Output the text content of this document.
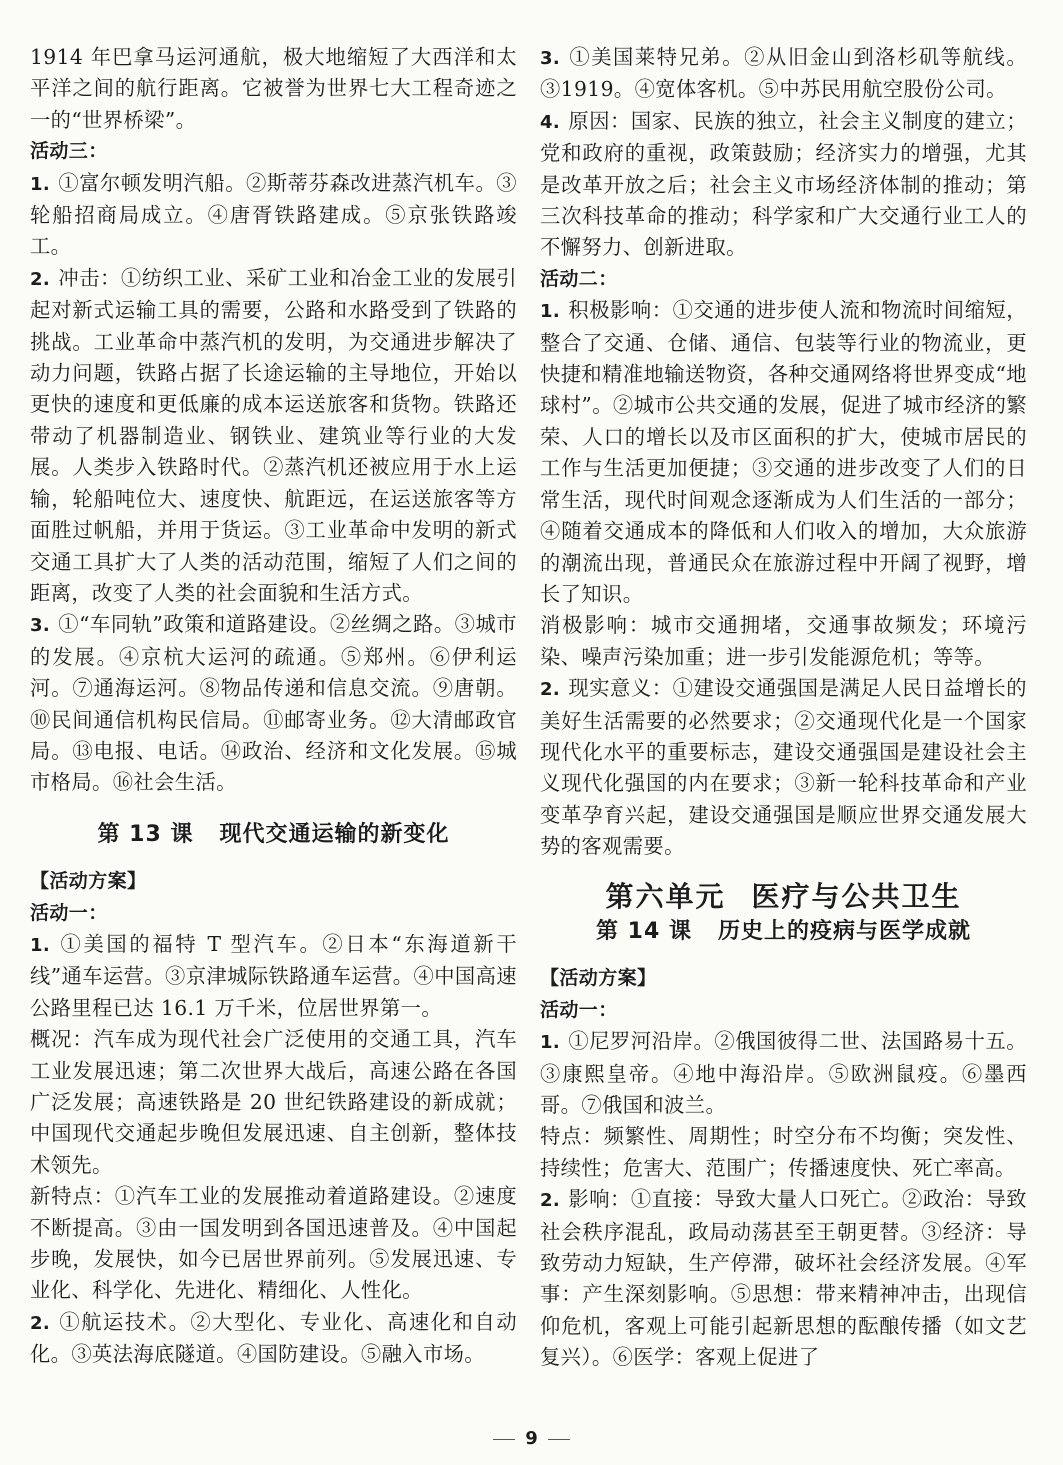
1914 年巴拿马运河通航，极大地缩短了大西洋和太平洋之间的航行距离。它被誉为世界七大工程奇迹之一的“世界桥梁”。

活动三：

1. ①富尔顿发明汽船。②斯蒂芬森改进蒸汽机车。③轮船招商局成立。④唐胥铁路建成。⑤京张铁路竣工。

2. 冲击：①纺织工业、采矿工业和冶金工业的发展引起对新式运输工具的需要，公路和水路受到了铁路的挑战。工业革命中蒸汽机的发明，为交通进步解决了动力问题，铁路占据了长途运输的主导地位，开始以更快的速度和更低廉的成本运送旅客和货物。铁路还带动了机器制造业、钢铁业、建筑业等行业的大发展。人类步入铁路时代。②蒸汽机还被应用于水上运输，轮船吨位大、速度快、航距远，在运送旅客等方面胜过帆船，并用于货运。③工业革命中发明的新式交通工具扩大了人类的活动范围，缩短了人们之间的距离，改变了人类的社会面貌和生活方式。

3. ①“车同轨”政策和道路建设。②丝绸之路。③城市的发展。④京杭大运河的疏通。⑤郑州。⑥伊利运河。⑦通海运河。⑧物品传递和信息交流。⑨唐朝。⑩民间通信机构民信局。⑪邮寄业务。⑫大清邮政官局。⑬电报、电话。⑭政治、经济和文化发展。⑮城市格局。⑯社会生活。

第 13 课 现代交通运输的新变化
【活动方案】
活动一：

1. ①美国的福特 T 型汽车。②日本“东海道新干线”通车运营。③京津城际铁路通车运营。④中国高速公路里程已达 16.1 万千米，位居世界第一。

概况：汽车成为现代社会广泛使用的交通工具，汽车工业发展迅速；第二次世界大战后，高速公路在各国广泛发展；高速铁路是 20 世纪铁路建设的新成就；中国现代交通起步晚但发展迅速、自主创新，整体技术领先。

新特点：①汽车工业的发展推动着道路建设。②速度不断提高。③由一国发明到各国迅速普及。④中国起步晚，发展快，如今已居世界前列。⑤发展迅速、专业化、科学化、先进化、精细化、人性化。

2. ①航运技术。②大型化、专业化、高速化和自动化。③英法海底隧道。④国防建设。⑤融入市场。

3. ①美国莱特兄弟。②从旧金山到洛杉矶等航线。③1919。④宽体客机。⑤中苏民用航空股份公司。

4. 原因：国家、民族的独立，社会主义制度的建立；党和政府的重视，政策鼓励；经济实力的增强，尤其是改革开放之后；社会主义市场经济体制的推动；第三次科技革命的推动；科学家和广大交通行业工人的不懈努力、创新进取。

活动二：

1. 积极影响：①交通的进步使人流和物流时间缩短，整合了交通、仓储、通信、包装等行业的物流业，更快捷和精准地输送物资，各种交通网络将世界变成“地球村”。②城市公共交通的发展，促进了城市经济的繁荣、人口的增长以及市区面积的扩大，使城市居民的工作与生活更加便捷；③交通的进步改变了人们的日常生活，现代时间观念逐渐成为人们生活的一部分；④随着交通成本的降低和人们收入的增加，大众旅游的潮流出现，普通民众在旅游过程中开阔了视野，增长了知识。

消极影响：城市交通拥堵，交通事故频发；环境污染、噪声污染加重；进一步引发能源危机；等等。

2. 现实意义：①建设交通强国是满足人民日益增长的美好生活需要的必然要求；②交通现代化是一个国家现代化水平的重要标志，建设交通强国是建设社会主义现代化强国的内在要求；③新一轮科技革命和产业变革孕育兴起，建设交通强国是顺应世界交通发展大势的客观需要。

第六单元 医疗与公共卫生
第 14 课 历史上的疫病与医学成就
【活动方案】
活动一：

1. ①尼罗河沿岸。②俄国彼得二世、法国路易十五。③康熙皇帝。④地中海沿岸。⑤欧洲鼠疫。⑥墨西哥。⑦俄国和波兰。

特点：频繁性、周期性；时空分布不均衡；突发性、持续性；危害大、范围广；传播速度快、死亡率高。

2. 影响：①直接：导致大量人口死亡。②政治：导致社会秩序混乱，政局动荡甚至王朝更替。③经济：导致劳动力短缺，生产停滞，破坏社会经济发展。④军事：产生深刻影响。⑤思想：带来精神冲击，出现信仰危机，客观上可能引起新思想的酝酿传播（如文艺复兴）。⑥医学：客观上促进了

9
